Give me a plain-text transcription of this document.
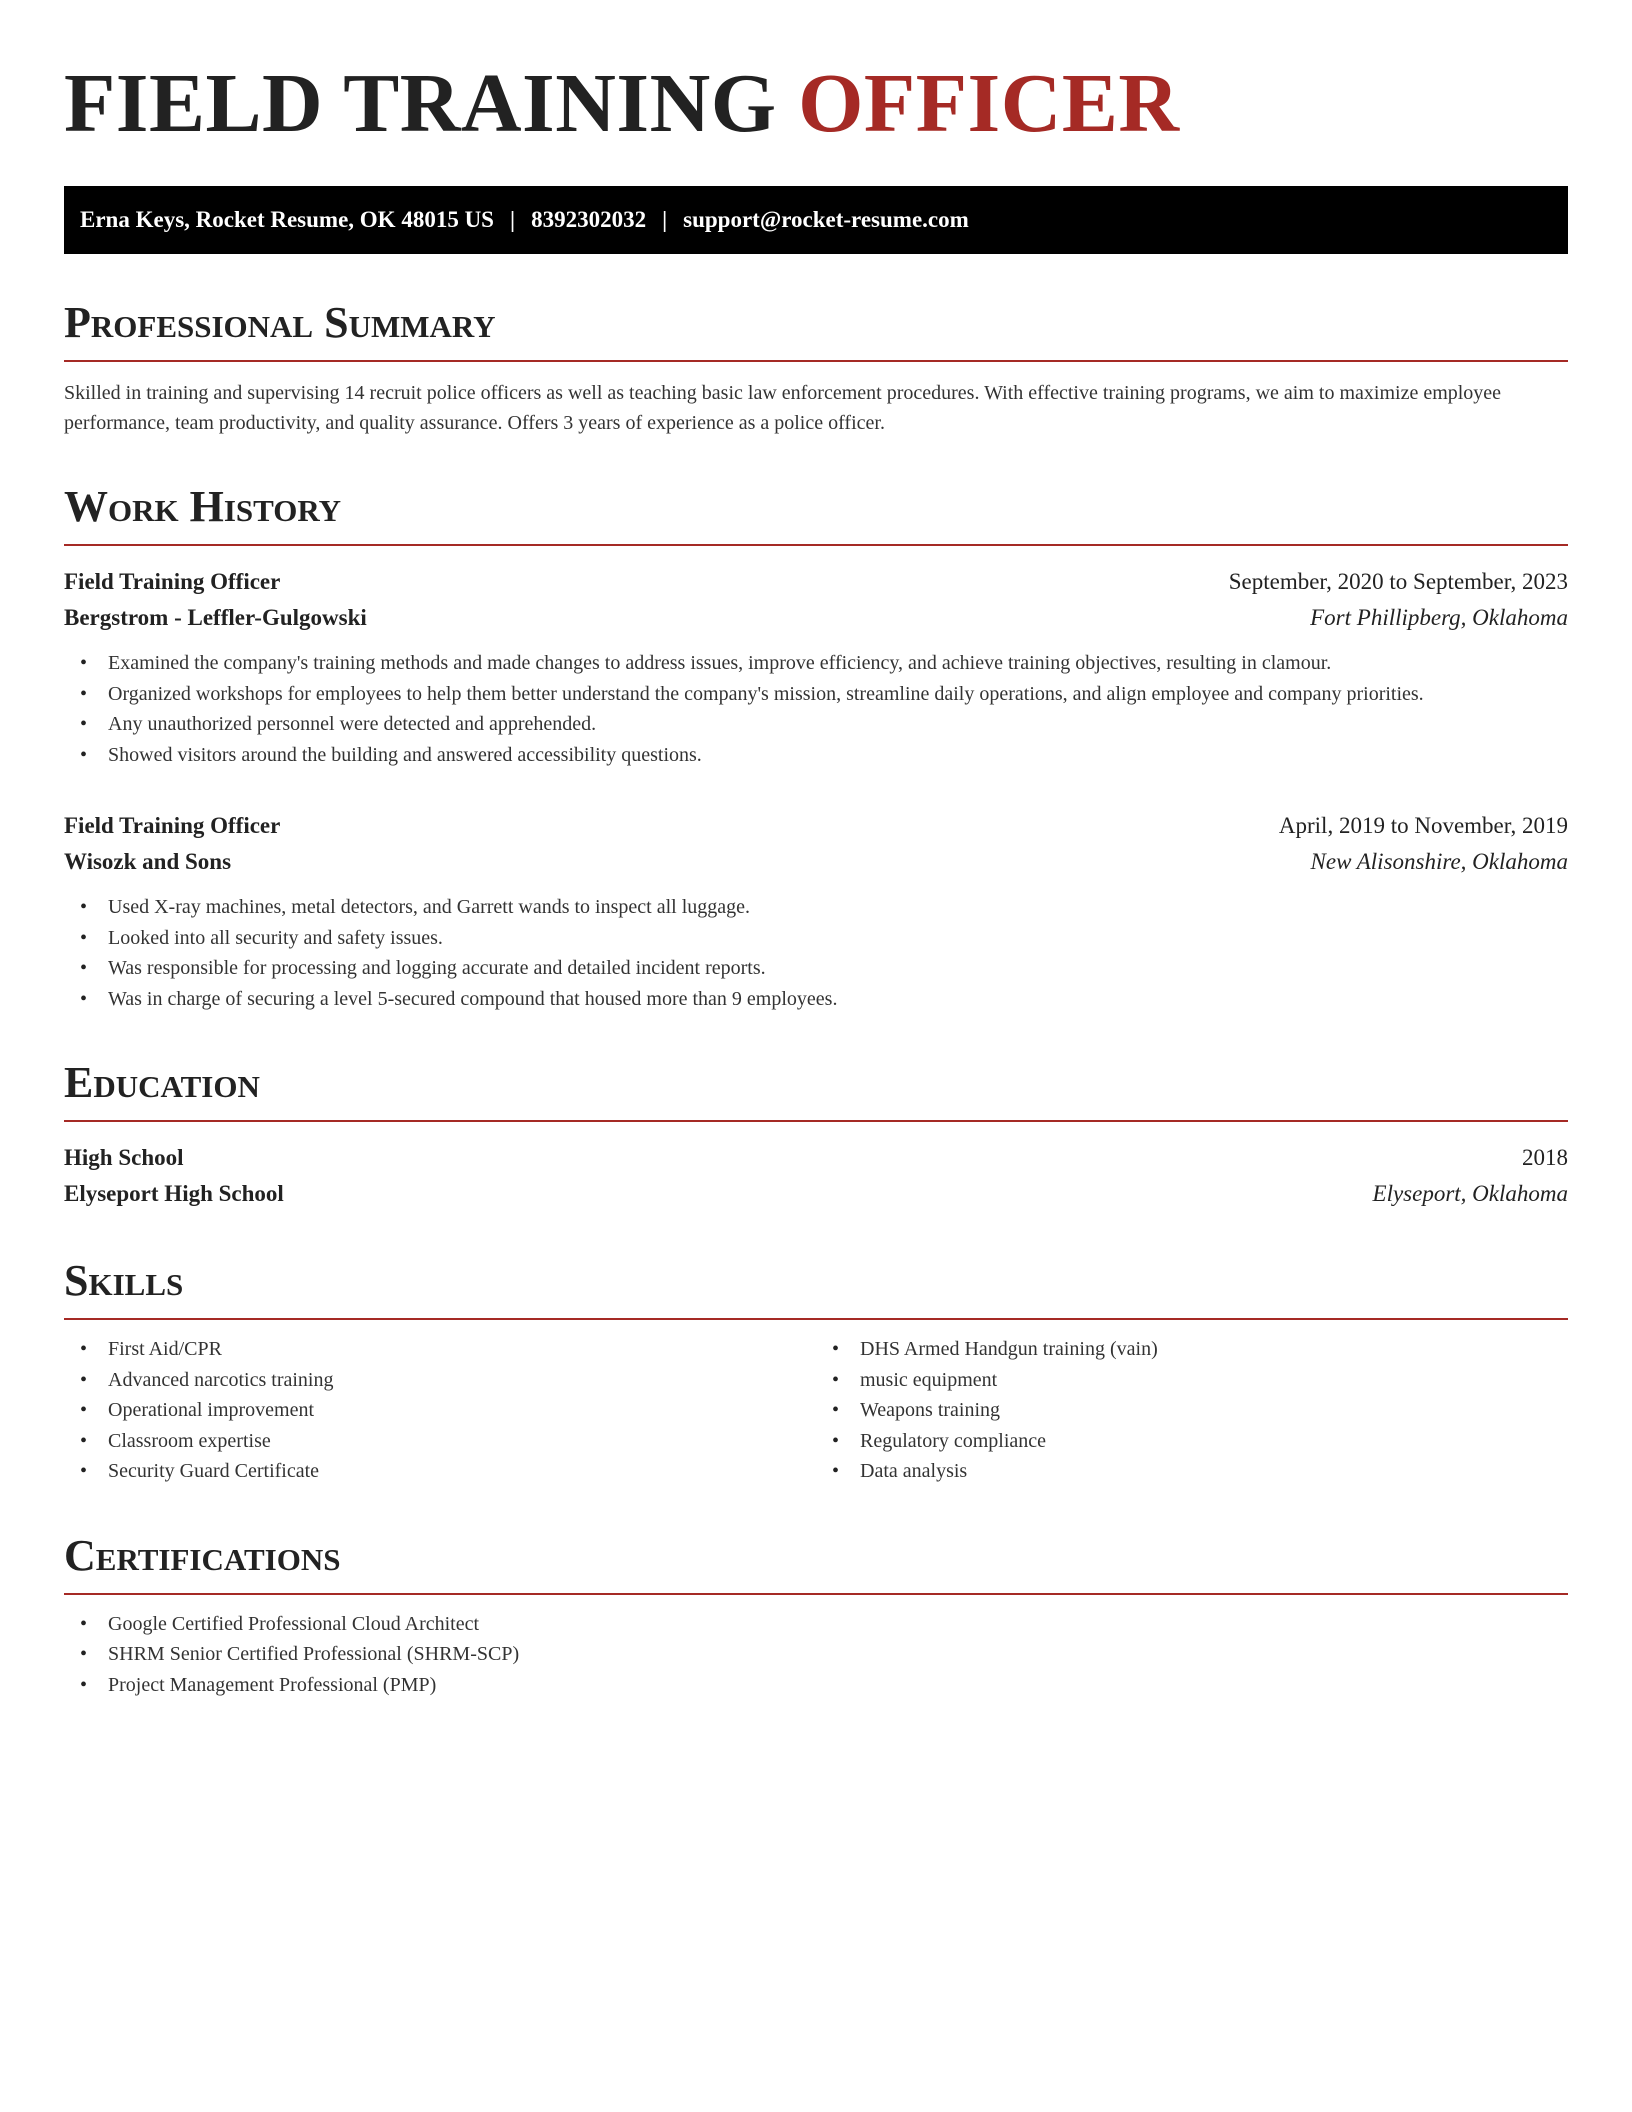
FIELD TRAINING OFFICER
Erna Keys, Rocket Resume, OK 48015 US | 8392302032 | support@rocket-resume.com
Professional Summary

Skilled in training and supervising 14 recruit police officers as well as teaching basic law enforcement procedures. With effective training programs, we aim to maximize employee performance, team productivity, and quality assurance. Offers 3 years of experience as a police officer.

Work History
Field Training Officer	September, 2020 to September, 2023
Bergstrom - Leffler-Gulgowski	Fort Phillipberg, Oklahoma
• Examined the company's training methods and made changes to address issues, improve efficiency, and achieve training objectives, resulting in clamour.
• Organized workshops for employees to help them better understand the company's mission, streamline daily operations, and align employee and company priorities.
• Any unauthorized personnel were detected and apprehended.
• Showed visitors around the building and answered accessibility questions.
Field Training Officer	April, 2019 to November, 2019
Wisozk and Sons	New Alisonshire, Oklahoma
• Used X-ray machines, metal detectors, and Garrett wands to inspect all luggage.
• Looked into all security and safety issues.
• Was responsible for processing and logging accurate and detailed incident reports.
• Was in charge of securing a level 5-secured compound that housed more than 9 employees.
Education
High School	2018
Elyseport High School	Elyseport, Oklahoma
Skills
• First Aid/CPR
• Advanced narcotics training
• Operational improvement
• Classroom expertise
• Security Guard Certificate
• DHS Armed Handgun training (vain)
• music equipment
• Weapons training
• Regulatory compliance
• Data analysis
Certifications
• Google Certified Professional Cloud Architect
• SHRM Senior Certified Professional (SHRM-SCP)
• Project Management Professional (PMP)
